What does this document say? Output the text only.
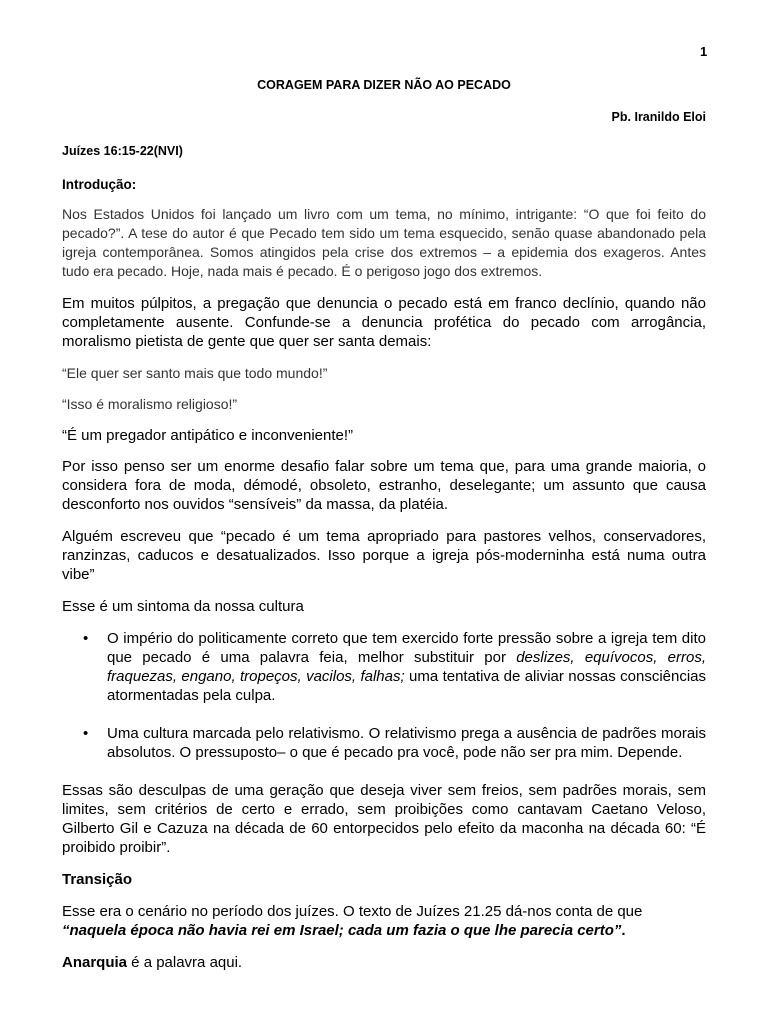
1
CORAGEM PARA DIZER NÃO AO PECADO
Pb. Iranildo Eloi
Juízes 16:15-22(NVI)
Introdução:

Nos Estados Unidos foi lançado um livro com um tema, no mínimo, intrigante: “O que foi feito do pecado?”. A tese do autor é que Pecado tem sido um tema esquecido, senão quase abandonado pela igreja contemporânea. Somos atingidos pela crise dos extremos – a epidemia dos exageros. Antes tudo era pecado. Hoje, nada mais é pecado. É o perigoso jogo dos extremos.

Em muitos púlpitos, a pregação que denuncia o pecado está em franco declínio, quando não completamente ausente. Confunde-se a denuncia profética do pecado com arrogância, moralismo pietista de gente que quer ser santa demais:

“Ele quer ser santo mais que todo mundo!”

“Isso é moralismo religioso!”

“É um pregador antipático e inconveniente!”

Por isso penso ser um enorme desafio falar sobre um tema que, para uma grande maioria, o considera fora de moda, démodé, obsoleto, estranho, deselegante; um assunto que causa desconforto nos ouvidos “sensíveis” da massa, da platéia.

Alguém escreveu que “pecado é um tema apropriado para pastores velhos, conservadores, ranzinzas, caducos e desatualizados. Isso porque a igreja pós-moderninha está numa outra vibe”

Esse é um sintoma da nossa cultura

• O império do politicamente correto que tem exercido forte pressão sobre a igreja tem dito que pecado é uma palavra feia, melhor substituir por deslizes, equívocos, erros, fraquezas, engano, tropeços, vacilos, falhas; uma tentativa de aliviar nossas consciências atormentadas pela culpa.
• Uma cultura marcada pelo relativismo. O relativismo prega a ausência de padrões morais absolutos. O pressuposto– o que é pecado pra você, pode não ser pra mim. Depende.

Essas são desculpas de uma geração que deseja viver sem freios, sem padrões morais, sem limites, sem critérios de certo e errado, sem proibições como cantavam Caetano Veloso, Gilberto Gil e Cazuza na década de 60 entorpecidos pelo efeito da maconha na década 60: “É proibido proibir”.

Transição

Esse era o cenário no período dos juízes. O texto de Juízes 21.25 dá-nos conta de que
“naquela época não havia rei em Israel; cada um fazia o que lhe parecia certo”.

Anarquia é a palavra aqui.
